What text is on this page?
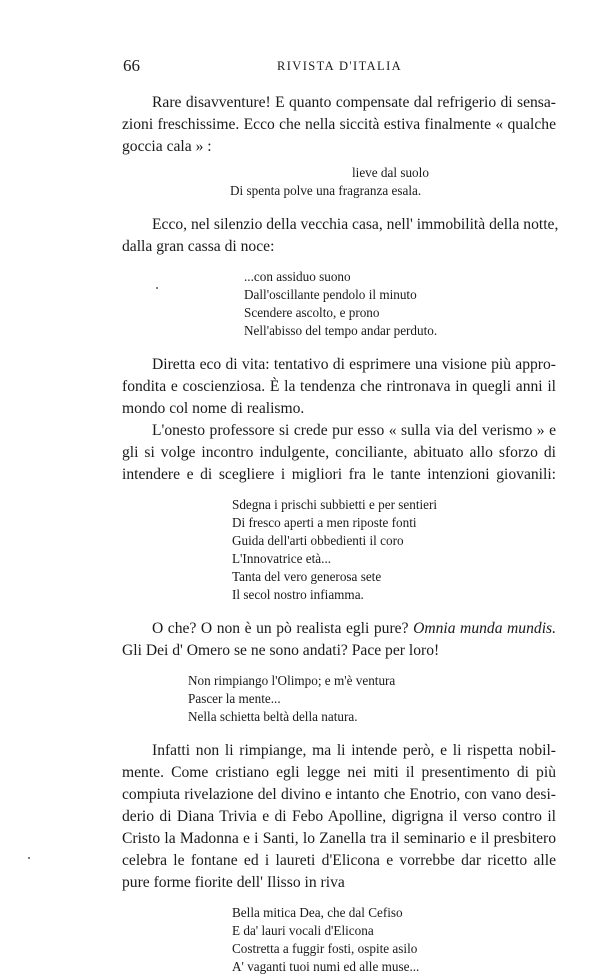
66	RIVISTA D'ITALIA

Rare disavventure! E quanto compensate dal refrigerio di sensa-
zioni freschissime. Ecco che nella siccità estiva finalmente « qualche
goccia cala » :

lieve dal suolo
Di spenta polve una fragranza esala.

Ecco, nel silenzio della vecchia casa, nell' immobilità della notte,
dalla gran cassa di noce:

...con assiduo suono
Dall'oscillante pendolo il minuto
Scendere ascolto, e prono
Nell'abisso del tempo andar perduto.

Diretta eco di vita: tentativo di esprimere una visione più appro-
fondita e coscienziosa. È la tendenza che rintronava in quegli anni il
mondo col nome di realismo.

L'onesto professore si crede pur esso « sulla via del verismo » e
gli si volge incontro indulgente, conciliante, abituato allo sforzo di
intendere e di scegliere i migliori fra le tante intenzioni giovanili:

Sdegna i prischi subbietti e per sentieri
Di fresco aperti a men riposte fonti
Guida dell'arti obbedienti il coro
L'Innovatrice età...
Tanta del vero generosa sete
Il secol nostro infiamma.

O che? O non è un pò realista egli pure? Omnia munda mundis.
Gli Dei d' Omero se ne sono andati? Pace per loro!

Non rimpiango l'Olimpo; e m'è ventura
Pascer la mente...
Nella schietta beltà della natura.

Infatti non li rimpiange, ma li intende però, e li rispetta nobil-
mente. Come cristiano egli legge nei miti il presentimento di più
compiuta rivelazione del divino e intanto che Enotrio, con vano desi-
derio di Diana Trivia e di Febo Apolline, digrigna il verso contro il
Cristo la Madonna e i Santi, lo Zanella tra il seminario e il presbitero
celebra le fontane ed i laureti d'Elicona e vorrebbe dar ricetto alle
pure forme fiorite dell' Ilisso in riva

Bella mitica Dea, che dal Cefiso
E da' lauri vocali d'Elicona
Costretta a fuggir fosti, ospite asilo
A' vaganti tuoi numi ed alle muse...
